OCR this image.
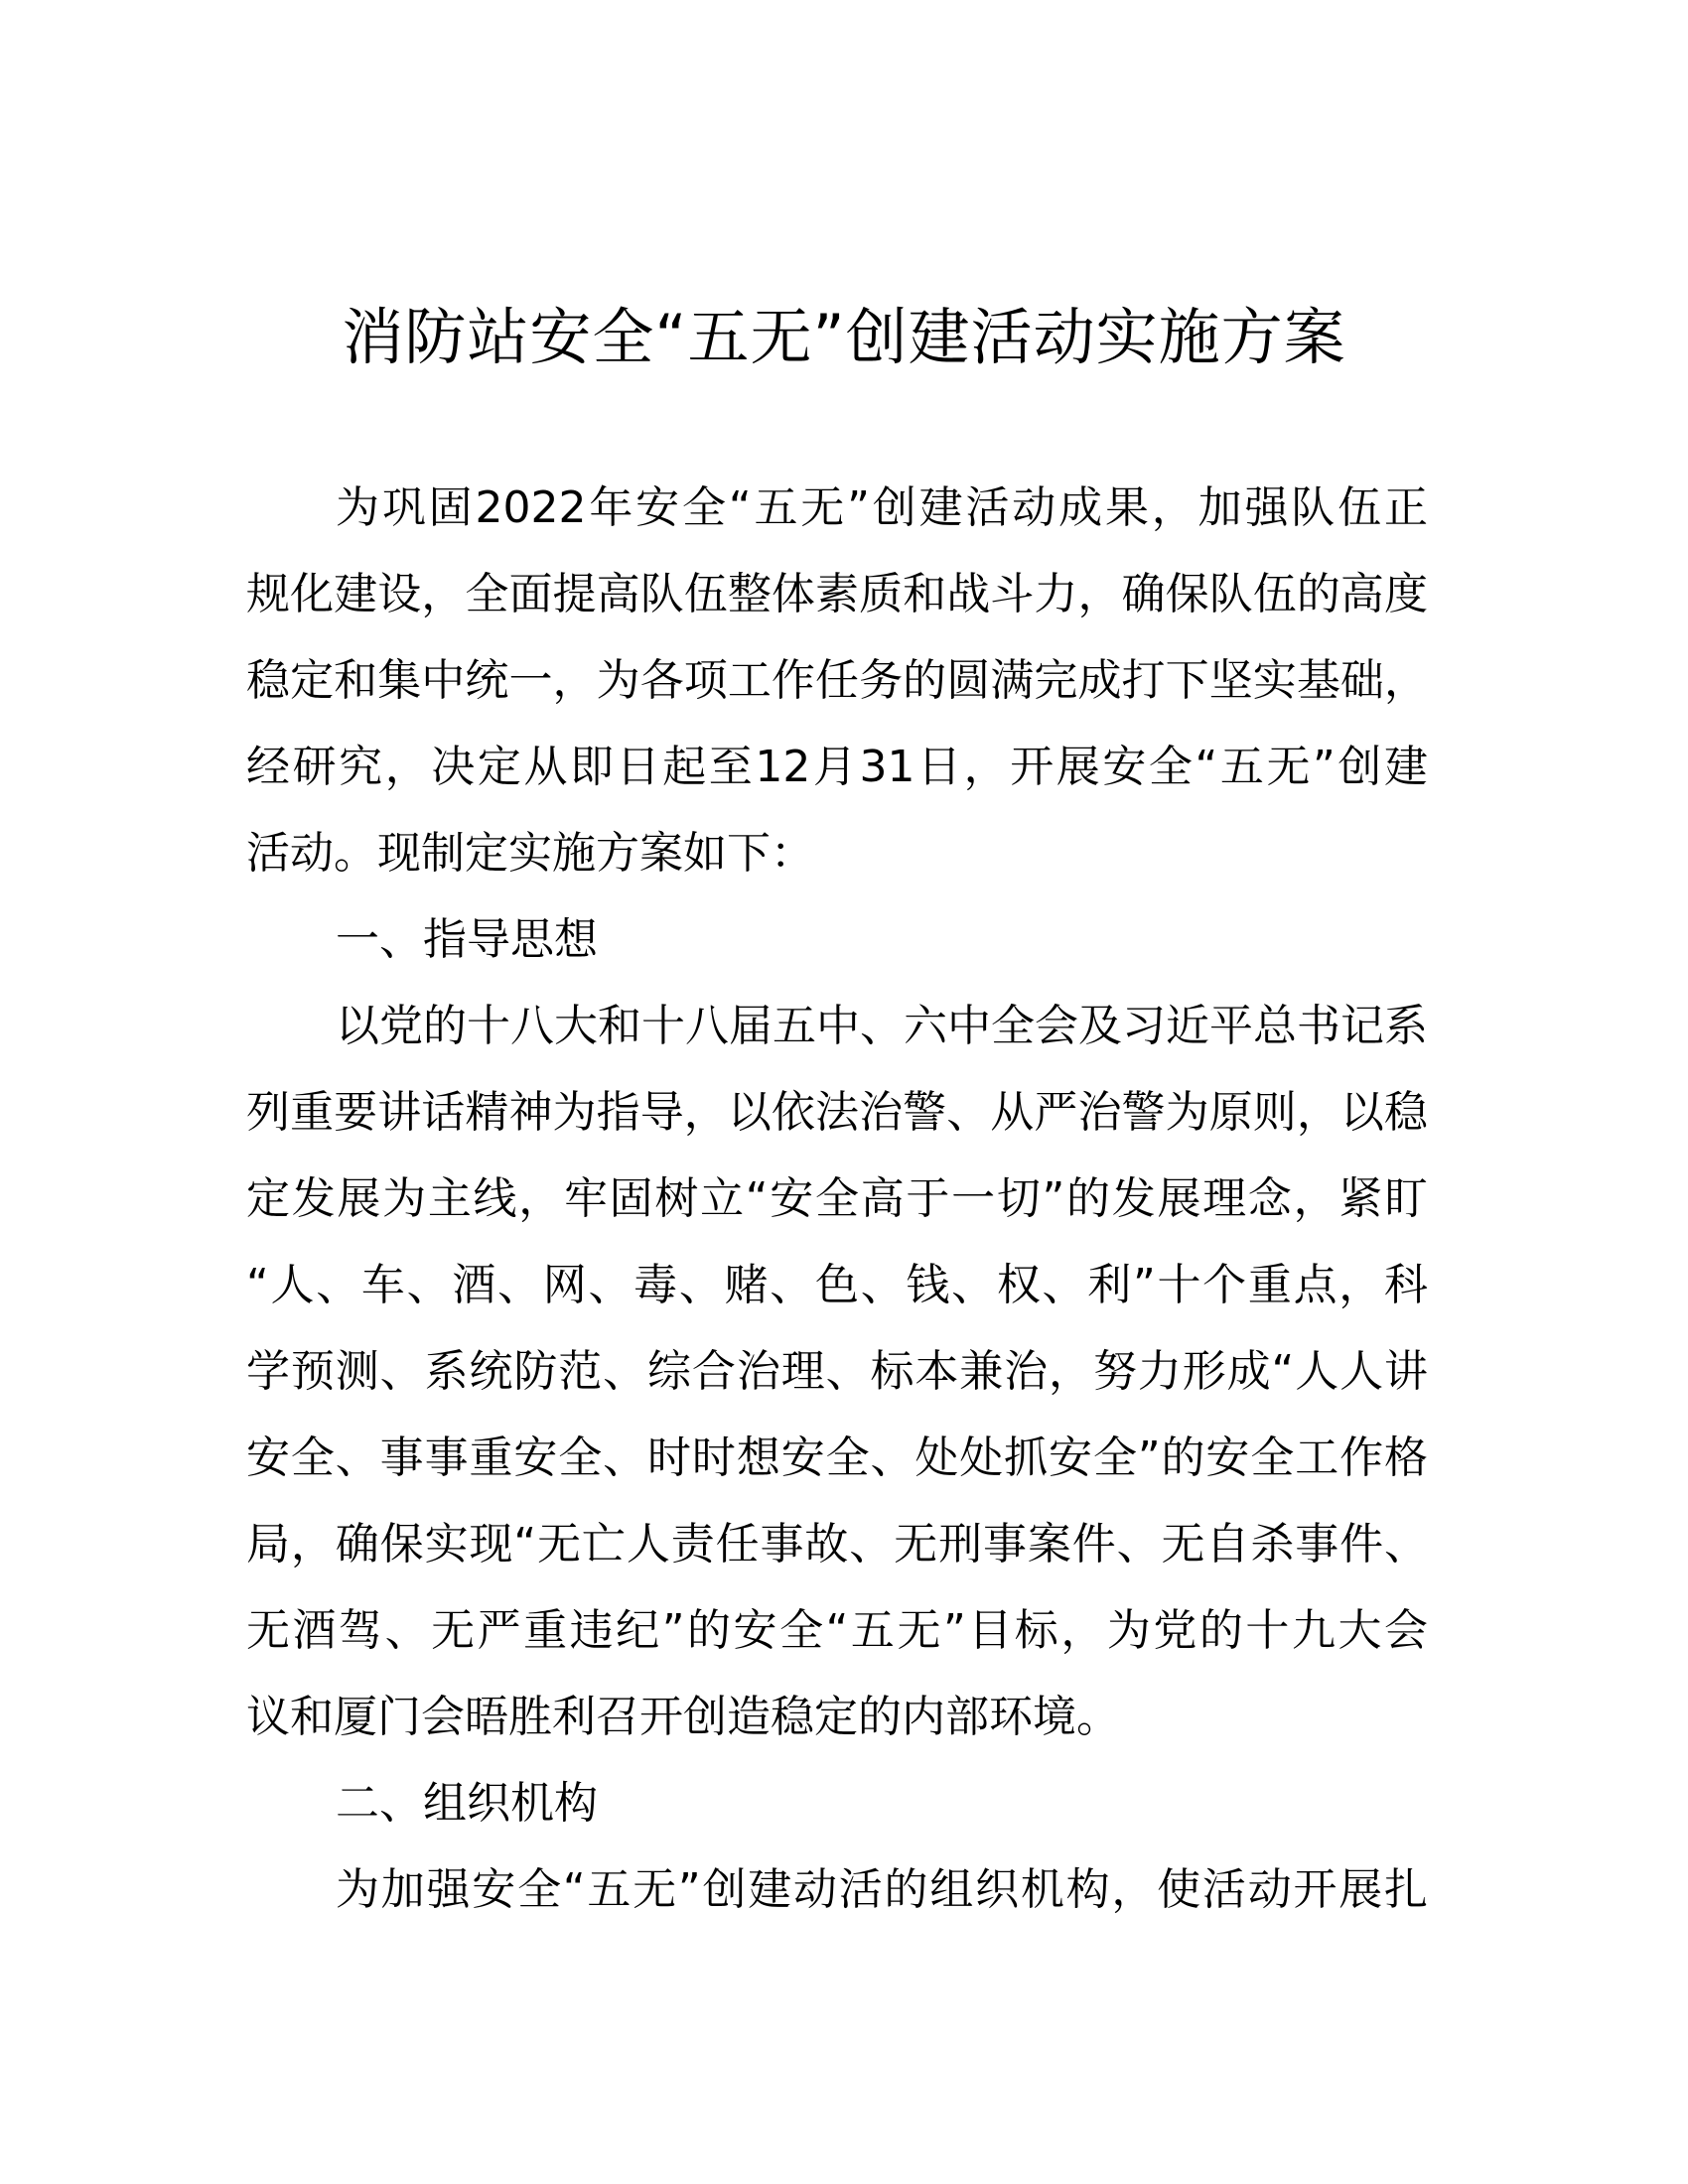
消防站安全“五无”创建活动实施方案
为巩固2022年安全“五无”创建活动成果，加强队伍正
规化建设，全面提高队伍整体素质和战斗力，确保队伍的高度
稳定和集中统一，为各项工作任务的圆满完成打下坚实基础，
经研究，决定从即日起至12月31日，开展安全“五无”创建
活动。现制定实施方案如下：
一、指导思想
以党的十八大和十八届五中、六中全会及习近平总书记系
列重要讲话精神为指导，以依法治警、从严治警为原则，以稳
定发展为主线，牢固树立“安全高于一切”的发展理念，紧盯
“人、车、酒、网、毒、赌、色、钱、权、利”十个重点，科
学预测、系统防范、综合治理、标本兼治，努力形成“人人讲
安全、事事重安全、时时想安全、处处抓安全”的安全工作格
局，确保实现“无亡人责任事故、无刑事案件、无自杀事件、
无酒驾、无严重违纪”的安全“五无”目标，为党的十九大会
议和厦门会晤胜利召开创造稳定的内部环境。
二、组织机构
为加强安全“五无”创建动活的组织机构，使活动开展扎
